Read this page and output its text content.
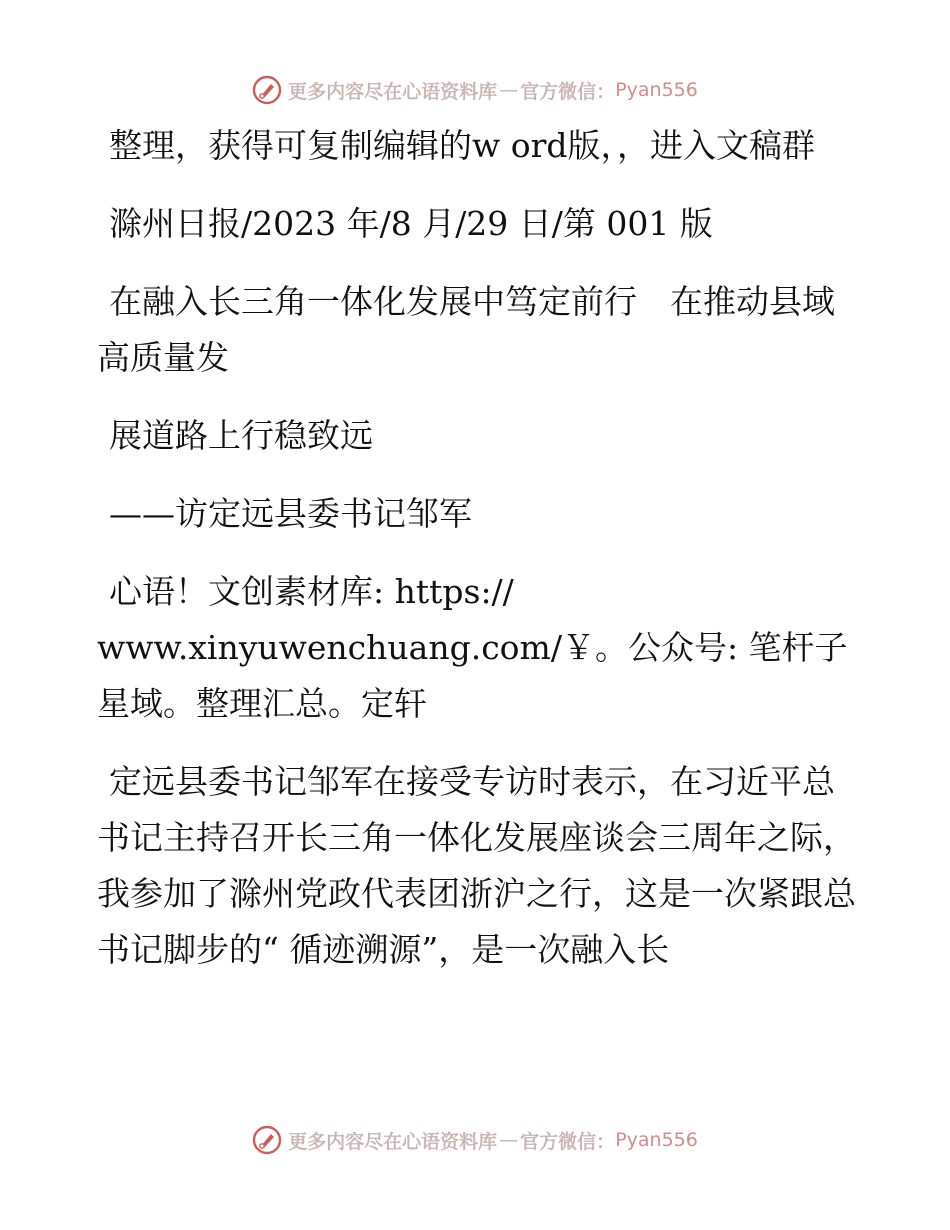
更多内容尽在心语资料库 — 官方微信： Pyan556

整理，获得可复制编辑的w ord版，，进入文稿群

滁州日报/2023 年/8 月/29 日/第 001 版

在融入长三角一体化发展中笃定前行　在推动县域高质量发

展道路上行稳致远

——访定远县委书记邹军

心语！文创素材库: https://

www.xinyuwenchuang.com/￥。公众号: 笔杆子星域。整理汇总。定轩

定远县委书记邹军在接受专访时表示，在习近平总书记主持召开长三角一体化发展座谈会三周年之际，我参加了滁州党政代表团浙沪之行，这是一次紧跟总书记脚步的“ 循迹溯源”，是一次融入长

更多内容尽在心语资料库 — 官方微信： Pyan556
